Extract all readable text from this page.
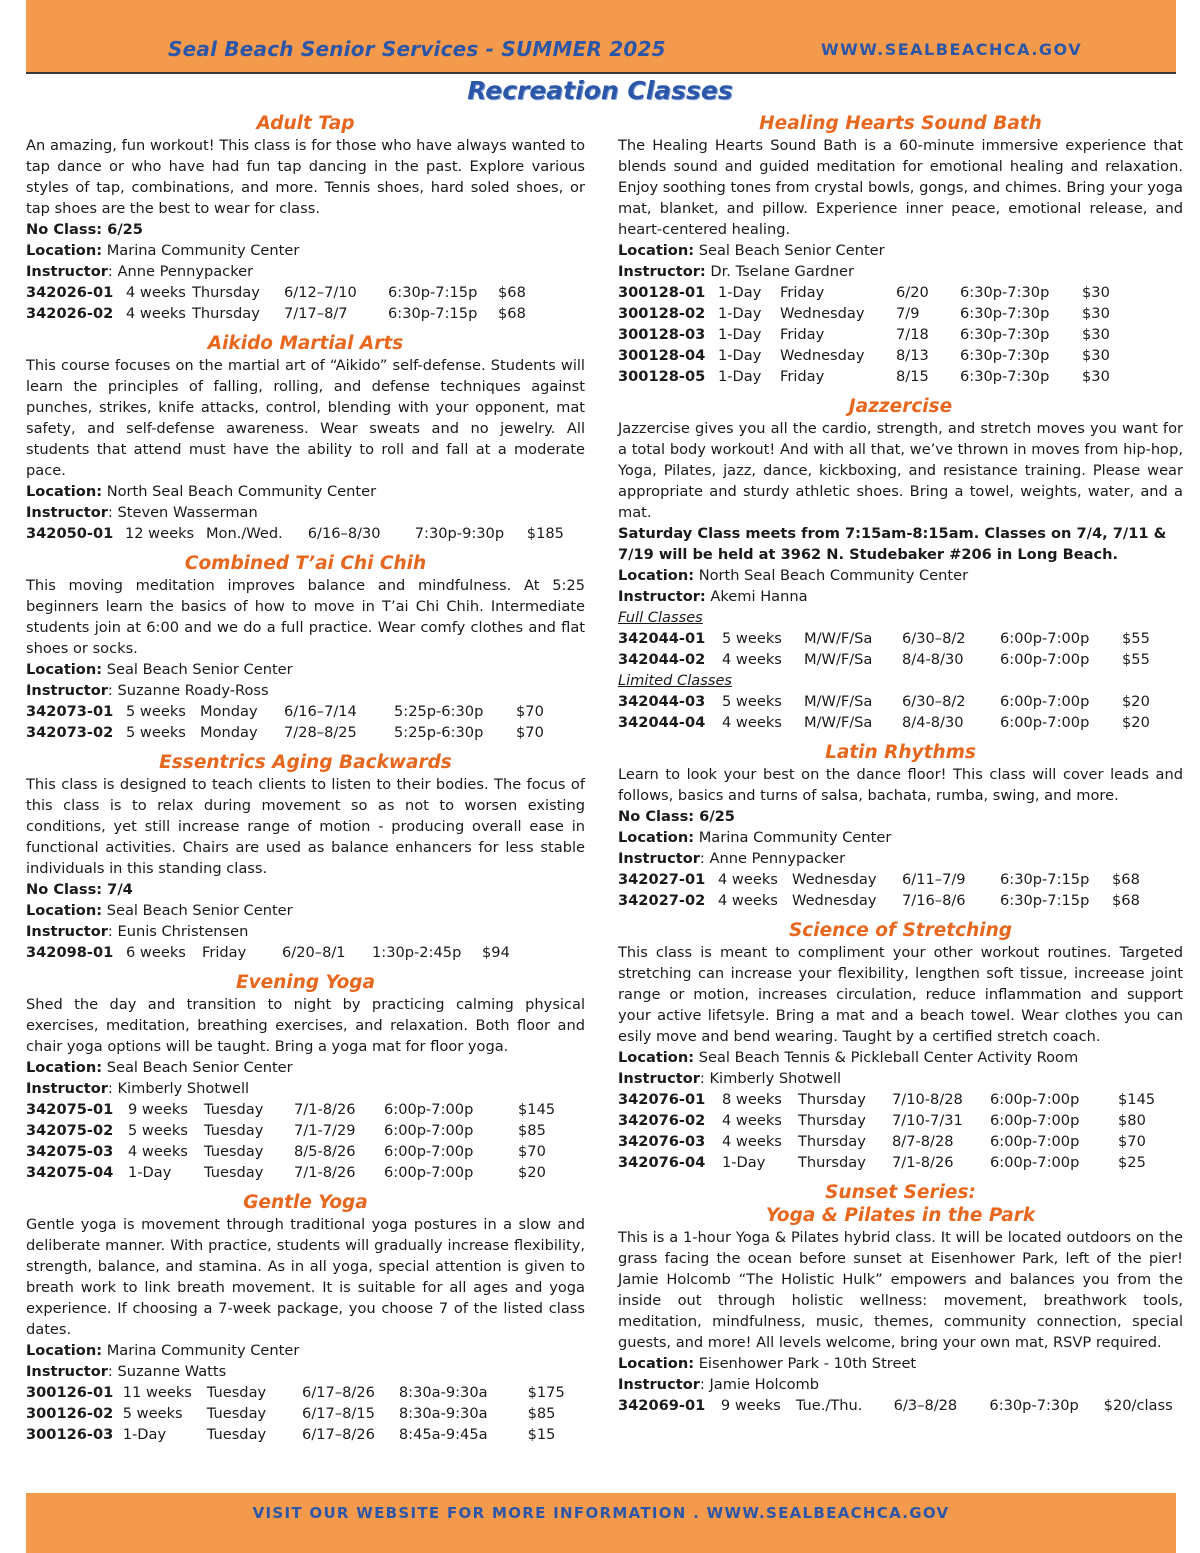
Seal Beach Senior Services - SUMMER 2025	WWW.SEALBEACHCA.GOV
Recreation Classes
Adult Tap

An amazing, fun workout! This class is for those who have always wanted to tap dance or who have had fun tap dancing in the past. Explore various styles of tap, combinations, and more. Tennis shoes, hard soled shoes, or tap shoes are the best to wear for class.

No Class: 6/25
Location: Marina Community Center
Instructor: Anne Pennypacker
342026-01	4 weeks	Thursday	6/12–7/10	6:30p-7:15p	$68
342026-02	4 weeks	Thursday	7/17–8/7	6:30p-7:15p	$68
Aikido Martial Arts

This course focuses on the martial art of “Aikido” self-defense. Students will learn the principles of falling, rolling, and defense techniques against punches, strikes, knife attacks, control, blending with your opponent, mat safety, and self-defense awareness. Wear sweats and no jewelry. All students that attend must have the ability to roll and fall at a moderate pace.

Location: North Seal Beach Community Center
Instructor: Steven Wasserman
342050-01	12 weeks	Mon./Wed.	6/16–8/30	7:30p-9:30p	$185
Combined T’ai Chi Chih

This moving meditation improves balance and mindfulness. At 5:25 beginners learn the basics of how to move in T’ai Chi Chih. Intermediate students join at 6:00 and we do a full practice. Wear comfy clothes and flat shoes or socks.

Location: Seal Beach Senior Center
Instructor: Suzanne Roady-Ross
342073-01	5 weeks	Monday	6/16–7/14	5:25p-6:30p	$70
342073-02	5 weeks	Monday	7/28–8/25	5:25p-6:30p	$70
Essentrics Aging Backwards

This class is designed to teach clients to listen to their bodies. The focus of this class is to relax during movement so as not to worsen existing conditions, yet still increase range of motion - producing overall ease in functional activities. Chairs are used as balance enhancers for less stable individuals in this standing class.

No Class: 7/4
Location: Seal Beach Senior Center
Instructor: Eunis Christensen
342098-01	6 weeks	Friday	6/20–8/1	1:30p-2:45p	$94
Evening Yoga

Shed the day and transition to night by practicing calming physical exercises, meditation, breathing exercises, and relaxation. Both floor and chair yoga options will be taught. Bring a yoga mat for floor yoga.

Location: Seal Beach Senior Center
Instructor: Kimberly Shotwell
342075-01	9 weeks	Tuesday	7/1-8/26	6:00p-7:00p	$145
342075-02	5 weeks	Tuesday	7/1-7/29	6:00p-7:00p	$85
342075-03	4 weeks	Tuesday	8/5-8/26	6:00p-7:00p	$70
342075-04	1-Day	Tuesday	7/1-8/26	6:00p-7:00p	$20
Gentle Yoga

Gentle yoga is movement through traditional yoga postures in a slow and deliberate manner. With practice, students will gradually increase flexibility, strength, balance, and stamina. As in all yoga, special attention is given to breath work to link breath movement. It is suitable for all ages and yoga experience. If choosing a 7-week package, you choose 7 of the listed class dates.

Location: Marina Community Center
Instructor: Suzanne Watts
300126-01	11 weeks	Tuesday	6/17–8/26	8:30a-9:30a	$175
300126-02	5 weeks	Tuesday	6/17–8/15	8:30a-9:30a	$85
300126-03	1-Day	Tuesday	6/17–8/26	8:45a-9:45a	$15
Healing Hearts Sound Bath

The Healing Hearts Sound Bath is a 60-minute immersive experience that blends sound and guided meditation for emotional healing and relaxation. Enjoy soothing tones from crystal bowls, gongs, and chimes. Bring your yoga mat, blanket, and pillow. Experience inner peace, emotional release, and heart-centered healing.

Location: Seal Beach Senior Center
Instructor: Dr. Tselane Gardner
300128-01	1-Day	Friday	6/20	6:30p-7:30p	$30
300128-02	1-Day	Wednesday	7/9	6:30p-7:30p	$30
300128-03	1-Day	Friday	7/18	6:30p-7:30p	$30
300128-04	1-Day	Wednesday	8/13	6:30p-7:30p	$30
300128-05	1-Day	Friday	8/15	6:30p-7:30p	$30
Jazzercise

Jazzercise gives you all the cardio, strength, and stretch moves you want for a total body workout! And with all that, we’ve thrown in moves from hip-hop, Yoga, Pilates, jazz, dance, kickboxing, and resistance training. Please wear appropriate and sturdy athletic shoes. Bring a towel, weights, water, and a mat.

Saturday Class meets from 7:15am-8:15am. Classes on 7/4, 7/11 & 7/19 will be held at 3962 N. Studebaker #206 in Long Beach.
Location: North Seal Beach Community Center
Instructor: Akemi Hanna
Full Classes
342044-01	5 weeks	M/W/F/Sa	6/30–8/2	6:00p-7:00p	$55
342044-02	4 weeks	M/W/F/Sa	8/4-8/30	6:00p-7:00p	$55
Limited Classes
342044-03	5 weeks	M/W/F/Sa	6/30–8/2	6:00p-7:00p	$20
342044-04	4 weeks	M/W/F/Sa	8/4-8/30	6:00p-7:00p	$20
Latin Rhythms

Learn to look your best on the dance floor! This class will cover leads and follows, basics and turns of salsa, bachata, rumba, swing, and more.

No Class: 6/25
Location: Marina Community Center
Instructor: Anne Pennypacker
342027-01	4 weeks	Wednesday	6/11–7/9	6:30p-7:15p	$68
342027-02	4 weeks	Wednesday	7/16–8/6	6:30p-7:15p	$68
Science of Stretching

This class is meant to compliment your other workout routines. Targeted stretching can increase your flexibility, lengthen soft tissue, increease joint range or motion, increases circulation, reduce inflammation and support your active lifetsyle. Bring a mat and a beach towel. Wear clothes you can esily move and bend wearing. Taught by a certified stretch coach.

Location: Seal Beach Tennis & Pickleball Center Activity Room
Instructor: Kimberly Shotwell
342076-01	8 weeks	Thursday	7/10-8/28	6:00p-7:00p	$145
342076-02	4 weeks	Thursday	7/10-7/31	6:00p-7:00p	$80
342076-03	4 weeks	Thursday	8/7-8/28	6:00p-7:00p	$70
342076-04	1-Day	Thursday	7/1-8/26	6:00p-7:00p	$25
Sunset Series:
Yoga & Pilates in the Park

This is a 1-hour Yoga & Pilates hybrid class. It will be located outdoors on the grass facing the ocean before sunset at Eisenhower Park, left of the pier! Jamie Holcomb “The Holistic Hulk” empowers and balances you from the inside out through holistic wellness: movement, breathwork tools, meditation, mindfulness, music, themes, community connection, special guests, and more! All levels welcome, bring your own mat, RSVP required.

Location: Eisenhower Park - 10th Street
Instructor: Jamie Holcomb
342069-01	9 weeks	Tue./Thu.	6/3–8/28	6:30p-7:30p	$20/class
VISIT OUR WEBSITE FOR MORE INFORMATION . WWW.SEALBEACHCA.GOV
